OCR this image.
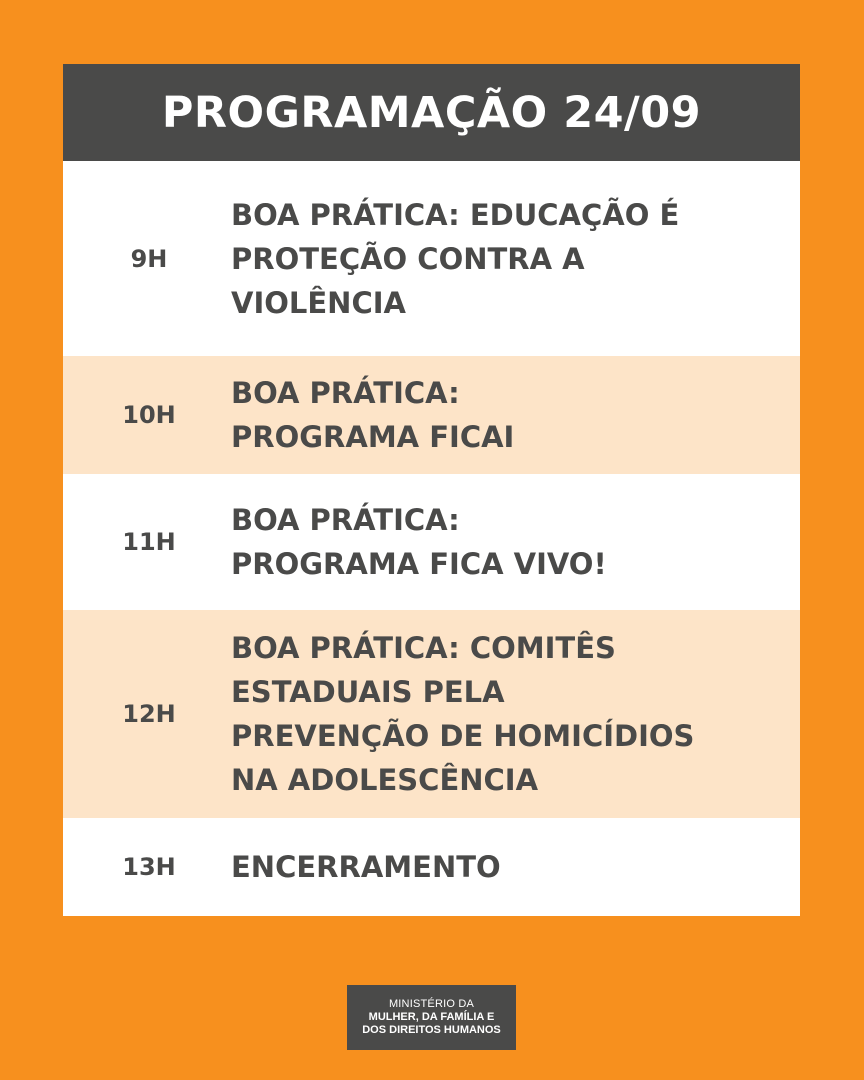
PROGRAMAÇÃO 24/09
9H
BOA PRÁTICA: EDUCAÇÃO É
PROTEÇÃO CONTRA A
VIOLÊNCIA
10H
BOA PRÁTICA:
PROGRAMA FICAI
11H
BOA PRÁTICA:
PROGRAMA FICA VIVO!
12H
BOA PRÁTICA: COMITÊS
ESTADUAIS PELA
PREVENÇÃO DE HOMICÍDIOS
NA ADOLESCÊNCIA
13H	ENCERRAMENTO
MINISTÉRIO DA
MULHER, DA FAMÍLIA E
DOS DIREITOS HUMANOS
